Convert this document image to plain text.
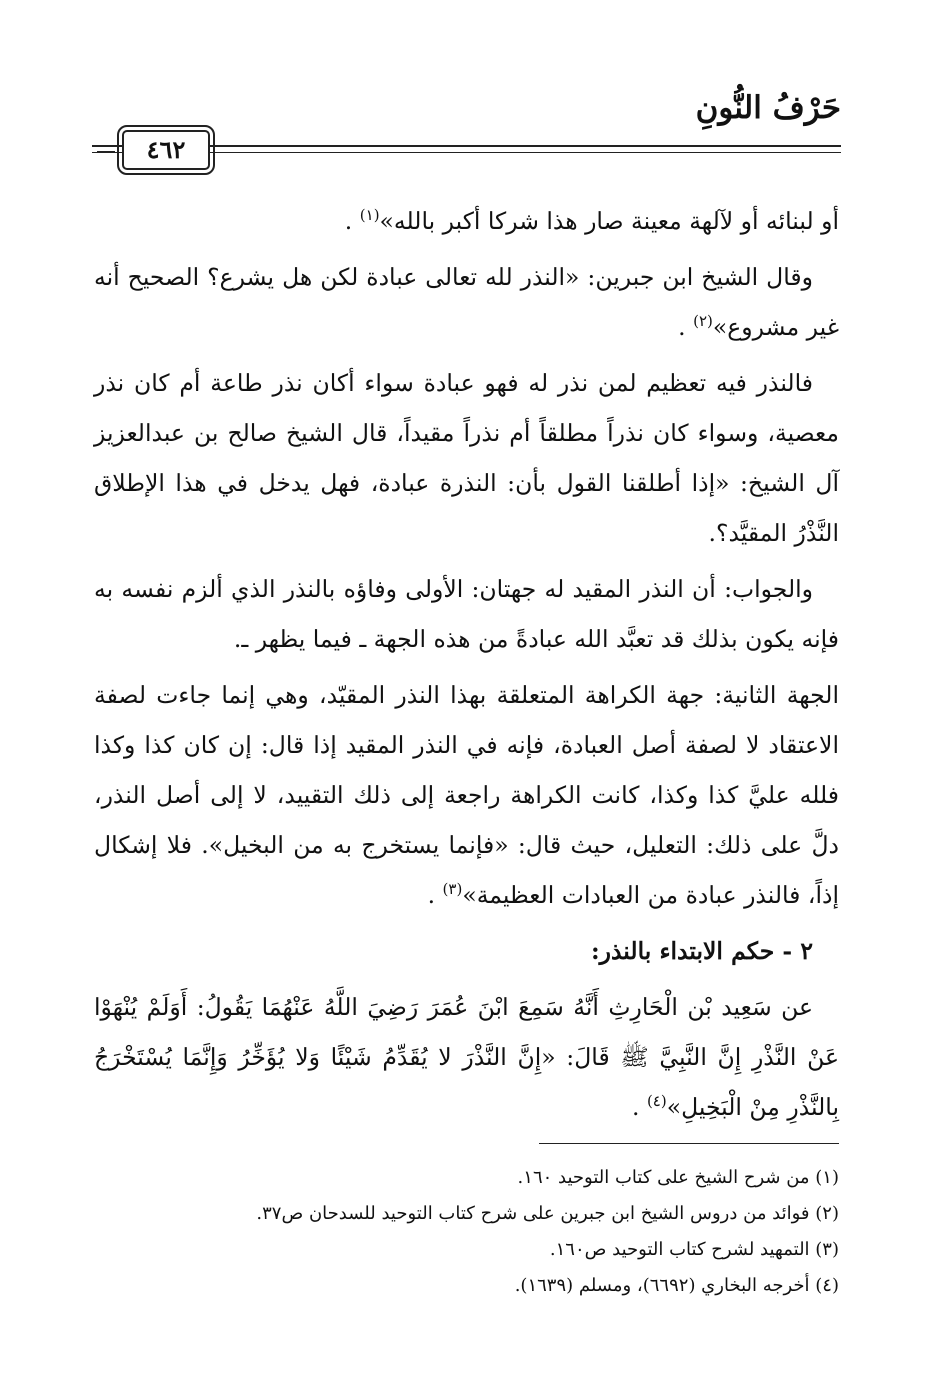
حَرْفُ النُّونِ
٤٦٢

أو لبنائه أو لآلهة معينة صار هذا شركا أكبر بالله»$^{(١)}$ .

وقال الشيخ ابن جبرين: «النذر لله تعالى عبادة لكن هل يشرع؟ الصحيح أنه غير مشروع»$^{(٢)}$ .

فالنذر فيه تعظيم لمن نذر له فهو عبادة سواء أكان نذر طاعة أم كان نذر معصية، وسواء كان نذراً مطلقاً أم نذراً مقيداً، قال الشيخ صالح بن عبدالعزيز آل الشيخ: «إذا أطلقنا القول بأن: النذرة عبادة، فهل يدخل في هذا الإطلاق النَّذْرُ المقيَّد؟.

والجواب: أن النذر المقيد له جهتان: الأولى وفاؤه بالنذر الذي ألزم نفسه به فإنه يكون بذلك قد تعبَّد الله عبادةً من هذه الجهة ـ فيما يظهر ـ.

الجهة الثانية: جهة الكراهة المتعلقة بهذا النذر المقيّد، وهي إنما جاءت لصفة الاعتقاد لا لصفة أصل العبادة، فإنه في النذر المقيد إذا قال: إن كان كذا وكذا فلله عليَّ كذا وكذا، كانت الكراهة راجعة إلى ذلك التقييد، لا إلى أصل النذر، دلَّ على ذلك: التعليل، حيث قال: «فإنما يستخرج به من البخيل». فلا إشكال إذاً، فالنذر عبادة من العبادات العظيمة»$^{(٣)}$ .

٢ - حكم الابتداء بالنذر:

عن سَعِيد بْن الْحَارِثِ أَنَّهُ سَمِعَ ابْنَ عُمَرَ رَضِيَ اللَّهُ عَنْهُمَا يَقُولُ: أَوَلَمْ يُنْهَوْا عَنْ النَّذْرِ إِنَّ النَّبِيَّ ﷺ قَالَ: «إِنَّ النَّذْرَ لا يُقَدِّمُ شَيْئًا وَلا يُؤَخِّرُ وَإِنَّمَا يُسْتَخْرَجُ بِالنَّذْرِ مِنْ الْبَخِيلِ»$^{(٤)}$ .

(١) من شرح الشيخ على كتاب التوحيد ١٦٠.
(٢) فوائد من دروس الشيخ ابن جبرين على شرح كتاب التوحيد للسدحان ص٣٧.
(٣) التمهيد لشرح كتاب التوحيد ص١٦٠.
(٤) أخرجه البخاري (٦٦٩٢)، ومسلم (١٦٣٩).
